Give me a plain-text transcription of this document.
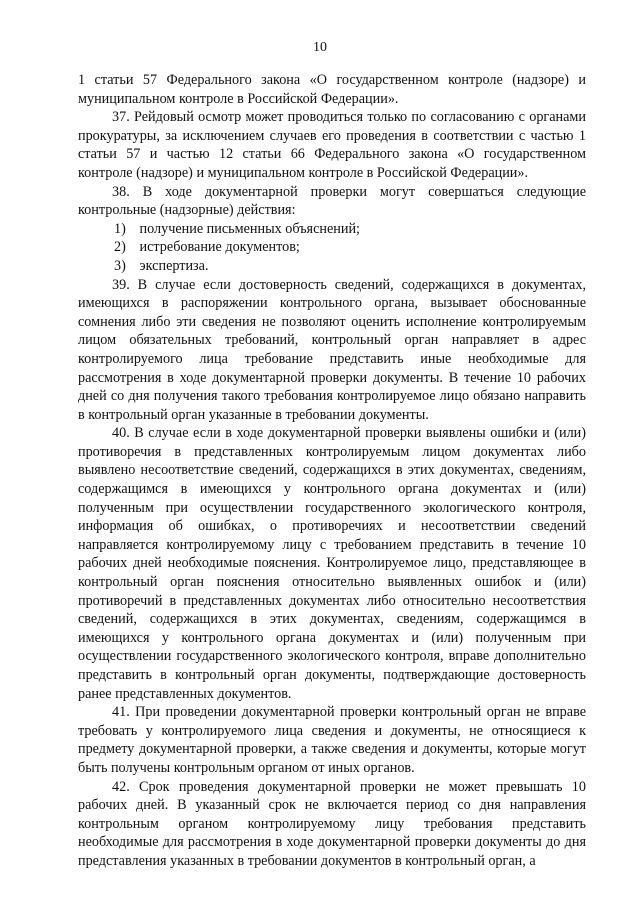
10

1 статьи 57 Федерального закона «О государственном контроле (надзоре) и муниципальном контроле в Российской Федерации».

37. Рейдовый осмотр может проводиться только по согласованию с органами прокуратуры, за исключением случаев его проведения в соответствии с частью 1 статьи 57 и частью 12 статьи 66 Федерального закона «О государственном контроле (надзоре) и муниципальном контроле в Российской Федерации».

38. В ходе документарной проверки могут совершаться следующие контрольные (надзорные) действия:

1) получение письменных объяснений;
2) истребование документов;
3) экспертиза.

39. В случае если достоверность сведений, содержащихся в документах, имеющихся в распоряжении контрольного органа, вызывает обоснованные сомнения либо эти сведения не позволяют оценить исполнение контролируемым лицом обязательных требований, контрольный орган направляет в адрес контролируемого лица требование представить иные необходимые для рассмотрения в ходе документарной проверки документы. В течение 10 рабочих дней со дня получения такого требования контролируемое лицо обязано направить в контрольный орган указанные в требовании документы.

40. В случае если в ходе документарной проверки выявлены ошибки и (или) противоречия в представленных контролируемым лицом документах либо выявлено несоответствие сведений, содержащихся в этих документах, сведениям, содержащимся в имеющихся у контрольного органа документах и (или) полученным при осуществлении государственного экологического контроля, информация об ошибках, о противоречиях и несоответствии сведений направляется контролируемому лицу с требованием представить в течение 10 рабочих дней необходимые пояснения. Контролируемое лицо, представляющее в контрольный орган пояснения относительно выявленных ошибок и (или) противоречий в представленных документах либо относительно несоответствия сведений, содержащихся в этих документах, сведениям, содержащимся в имеющихся у контрольного органа документах и (или) полученным при осуществлении государственного экологического контроля, вправе дополнительно представить в контрольный орган документы, подтверждающие достоверность ранее представленных документов.

41. При проведении документарной проверки контрольный орган не вправе требовать у контролируемого лица сведения и документы, не относящиеся к предмету документарной проверки, а также сведения и документы, которые могут быть получены контрольным органом от иных органов.

42. Срок проведения документарной проверки не может превышать 10 рабочих дней. В указанный срок не включается период со дня направления контрольным органом контролируемому лицу требования представить необходимые для рассмотрения в ходе документарной проверки документы до дня представления указанных в требовании документов в контрольный орган, а
